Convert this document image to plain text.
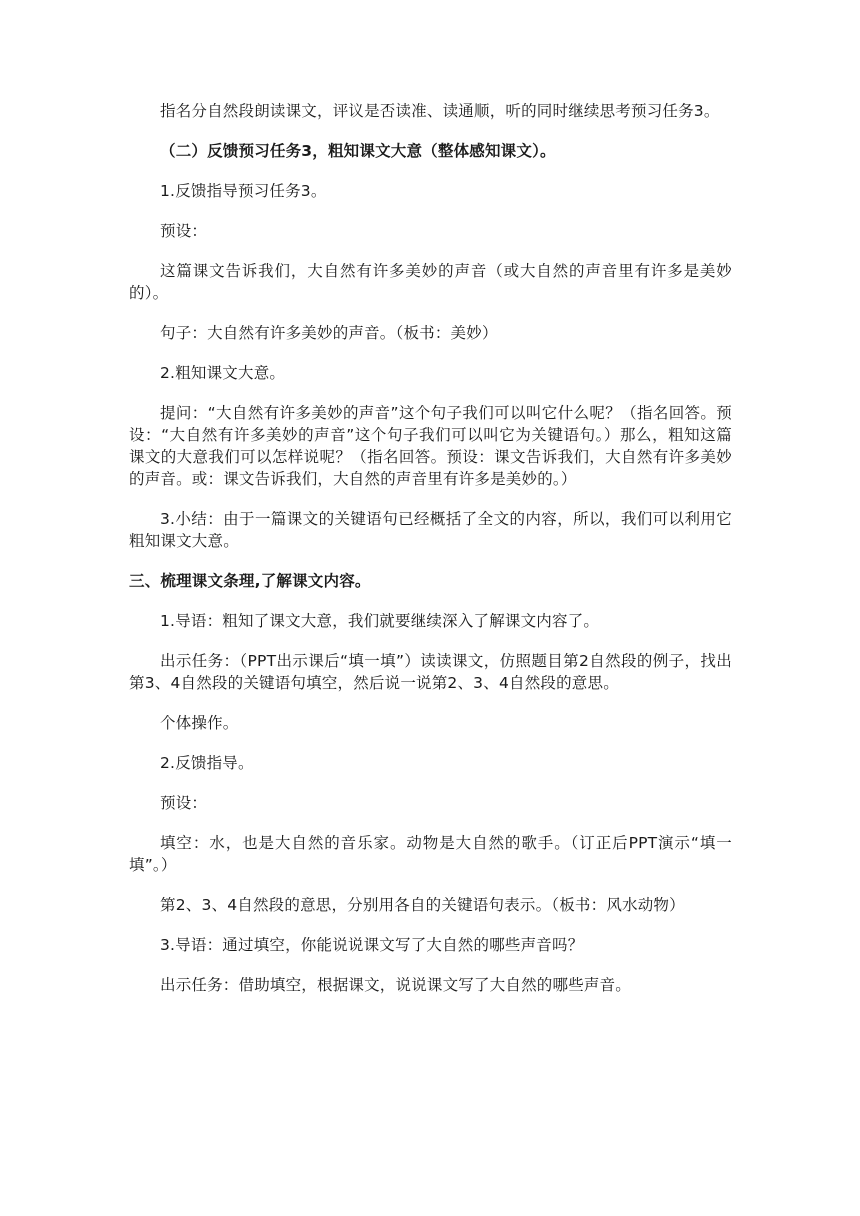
指名分自然段朗读课文，评议是否读准、读通顺，听的同时继续思考预习任务3。

（二）反馈预习任务3，粗知课文大意（整体感知课文）。

1.反馈指导预习任务3。

预设：

这篇课文告诉我们，大自然有许多美妙的声音（或大自然的声音里有许多是美妙的）。

句子：大自然有许多美妙的声音。（板书：美妙）

2.粗知课文大意。

提问：“大自然有许多美妙的声音”这个句子我们可以叫它什么呢？（指名回答。预设：“大自然有许多美妙的声音”这个句子我们可以叫它为关键语句。）那么，粗知这篇课文的大意我们可以怎样说呢？（指名回答。预设：课文告诉我们，大自然有许多美妙的声音。或：课文告诉我们，大自然的声音里有许多是美妙的。）

3.小结：由于一篇课文的关键语句已经概括了全文的内容，所以，我们可以利用它粗知课文大意。

三、梳理课文条理,了解课文内容。

1.导语：粗知了课文大意，我们就要继续深入了解课文内容了。

出示任务：（PPT出示课后“填一填”）读读课文，仿照题目第2自然段的例子，找出第3、4自然段的关键语句填空，然后说一说第2、3、4自然段的意思。

个体操作。

2.反馈指导。

预设：

填空：水，也是大自然的音乐家。动物是大自然的歌手。（订正后PPT演示“填一填”。）

第2、3、4自然段的意思，分别用各自的关键语句表示。（板书：风水动物）

3.导语：通过填空，你能说说课文写了大自然的哪些声音吗？

出示任务：借助填空，根据课文，说说课文写了大自然的哪些声音。
